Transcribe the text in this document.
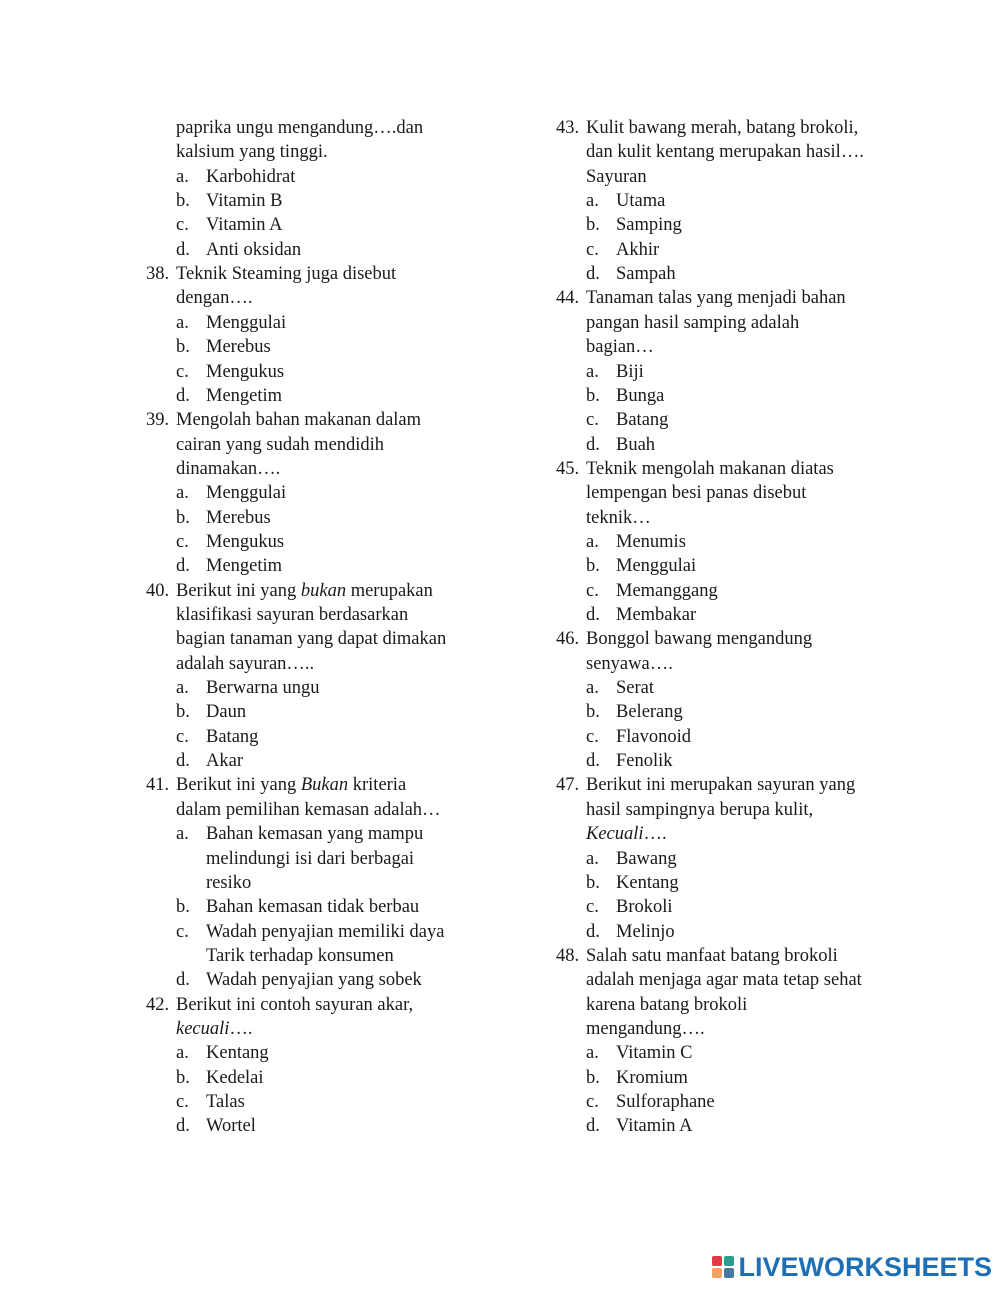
paprika ungu mengandung….dan
kalsium yang tinggi.
a. Karbohidrat
b. Vitamin B
c. Vitamin A
d. Anti oksidan
38. Teknik Steaming juga disebut
dengan….
a. Menggulai
b. Merebus
c. Mengukus
d. Mengetim
39. Mengolah bahan makanan dalam
cairan yang sudah mendidih
dinamakan….
a. Menggulai
b. Merebus
c. Mengukus
d. Mengetim
40. Berikut ini yang bukan merupakan
klasifikasi sayuran berdasarkan
bagian tanaman yang dapat dimakan
adalah sayuran…..
a. Berwarna ungu
b. Daun
c. Batang
d. Akar
41. Berikut ini yang Bukan kriteria
dalam pemilihan kemasan adalah…
a. Bahan kemasan yang mampu
melindungi isi dari berbagai
resiko
b. Bahan kemasan tidak berbau
c. Wadah penyajian memiliki daya
Tarik terhadap konsumen
d. Wadah penyajian yang sobek
42. Berikut ini contoh sayuran akar,
kecuali….
a. Kentang
b. Kedelai
c. Talas
d. Wortel
43. Kulit bawang merah, batang brokoli,
dan kulit kentang merupakan hasil….
Sayuran
a. Utama
b. Samping
c. Akhir
d. Sampah
44. Tanaman talas yang menjadi bahan
pangan hasil samping adalah
bagian…
a. Biji
b. Bunga
c. Batang
d. Buah
45. Teknik mengolah makanan diatas
lempengan besi panas disebut
teknik…
a. Menumis
b. Menggulai
c. Memanggang
d. Membakar
46. Bonggol bawang mengandung
senyawa….
a. Serat
b. Belerang
c. Flavonoid
d. Fenolik
47. Berikut ini merupakan sayuran yang
hasil sampingnya berupa kulit,
Kecuali….
a. Bawang
b. Kentang
c. Brokoli
d. Melinjo
48. Salah satu manfaat batang brokoli
adalah menjaga agar mata tetap sehat
karena batang brokoli
mengandung….
a. Vitamin C
b. Kromium
c. Sulforaphane
d. Vitamin A
LIVEWORKSHEETS
